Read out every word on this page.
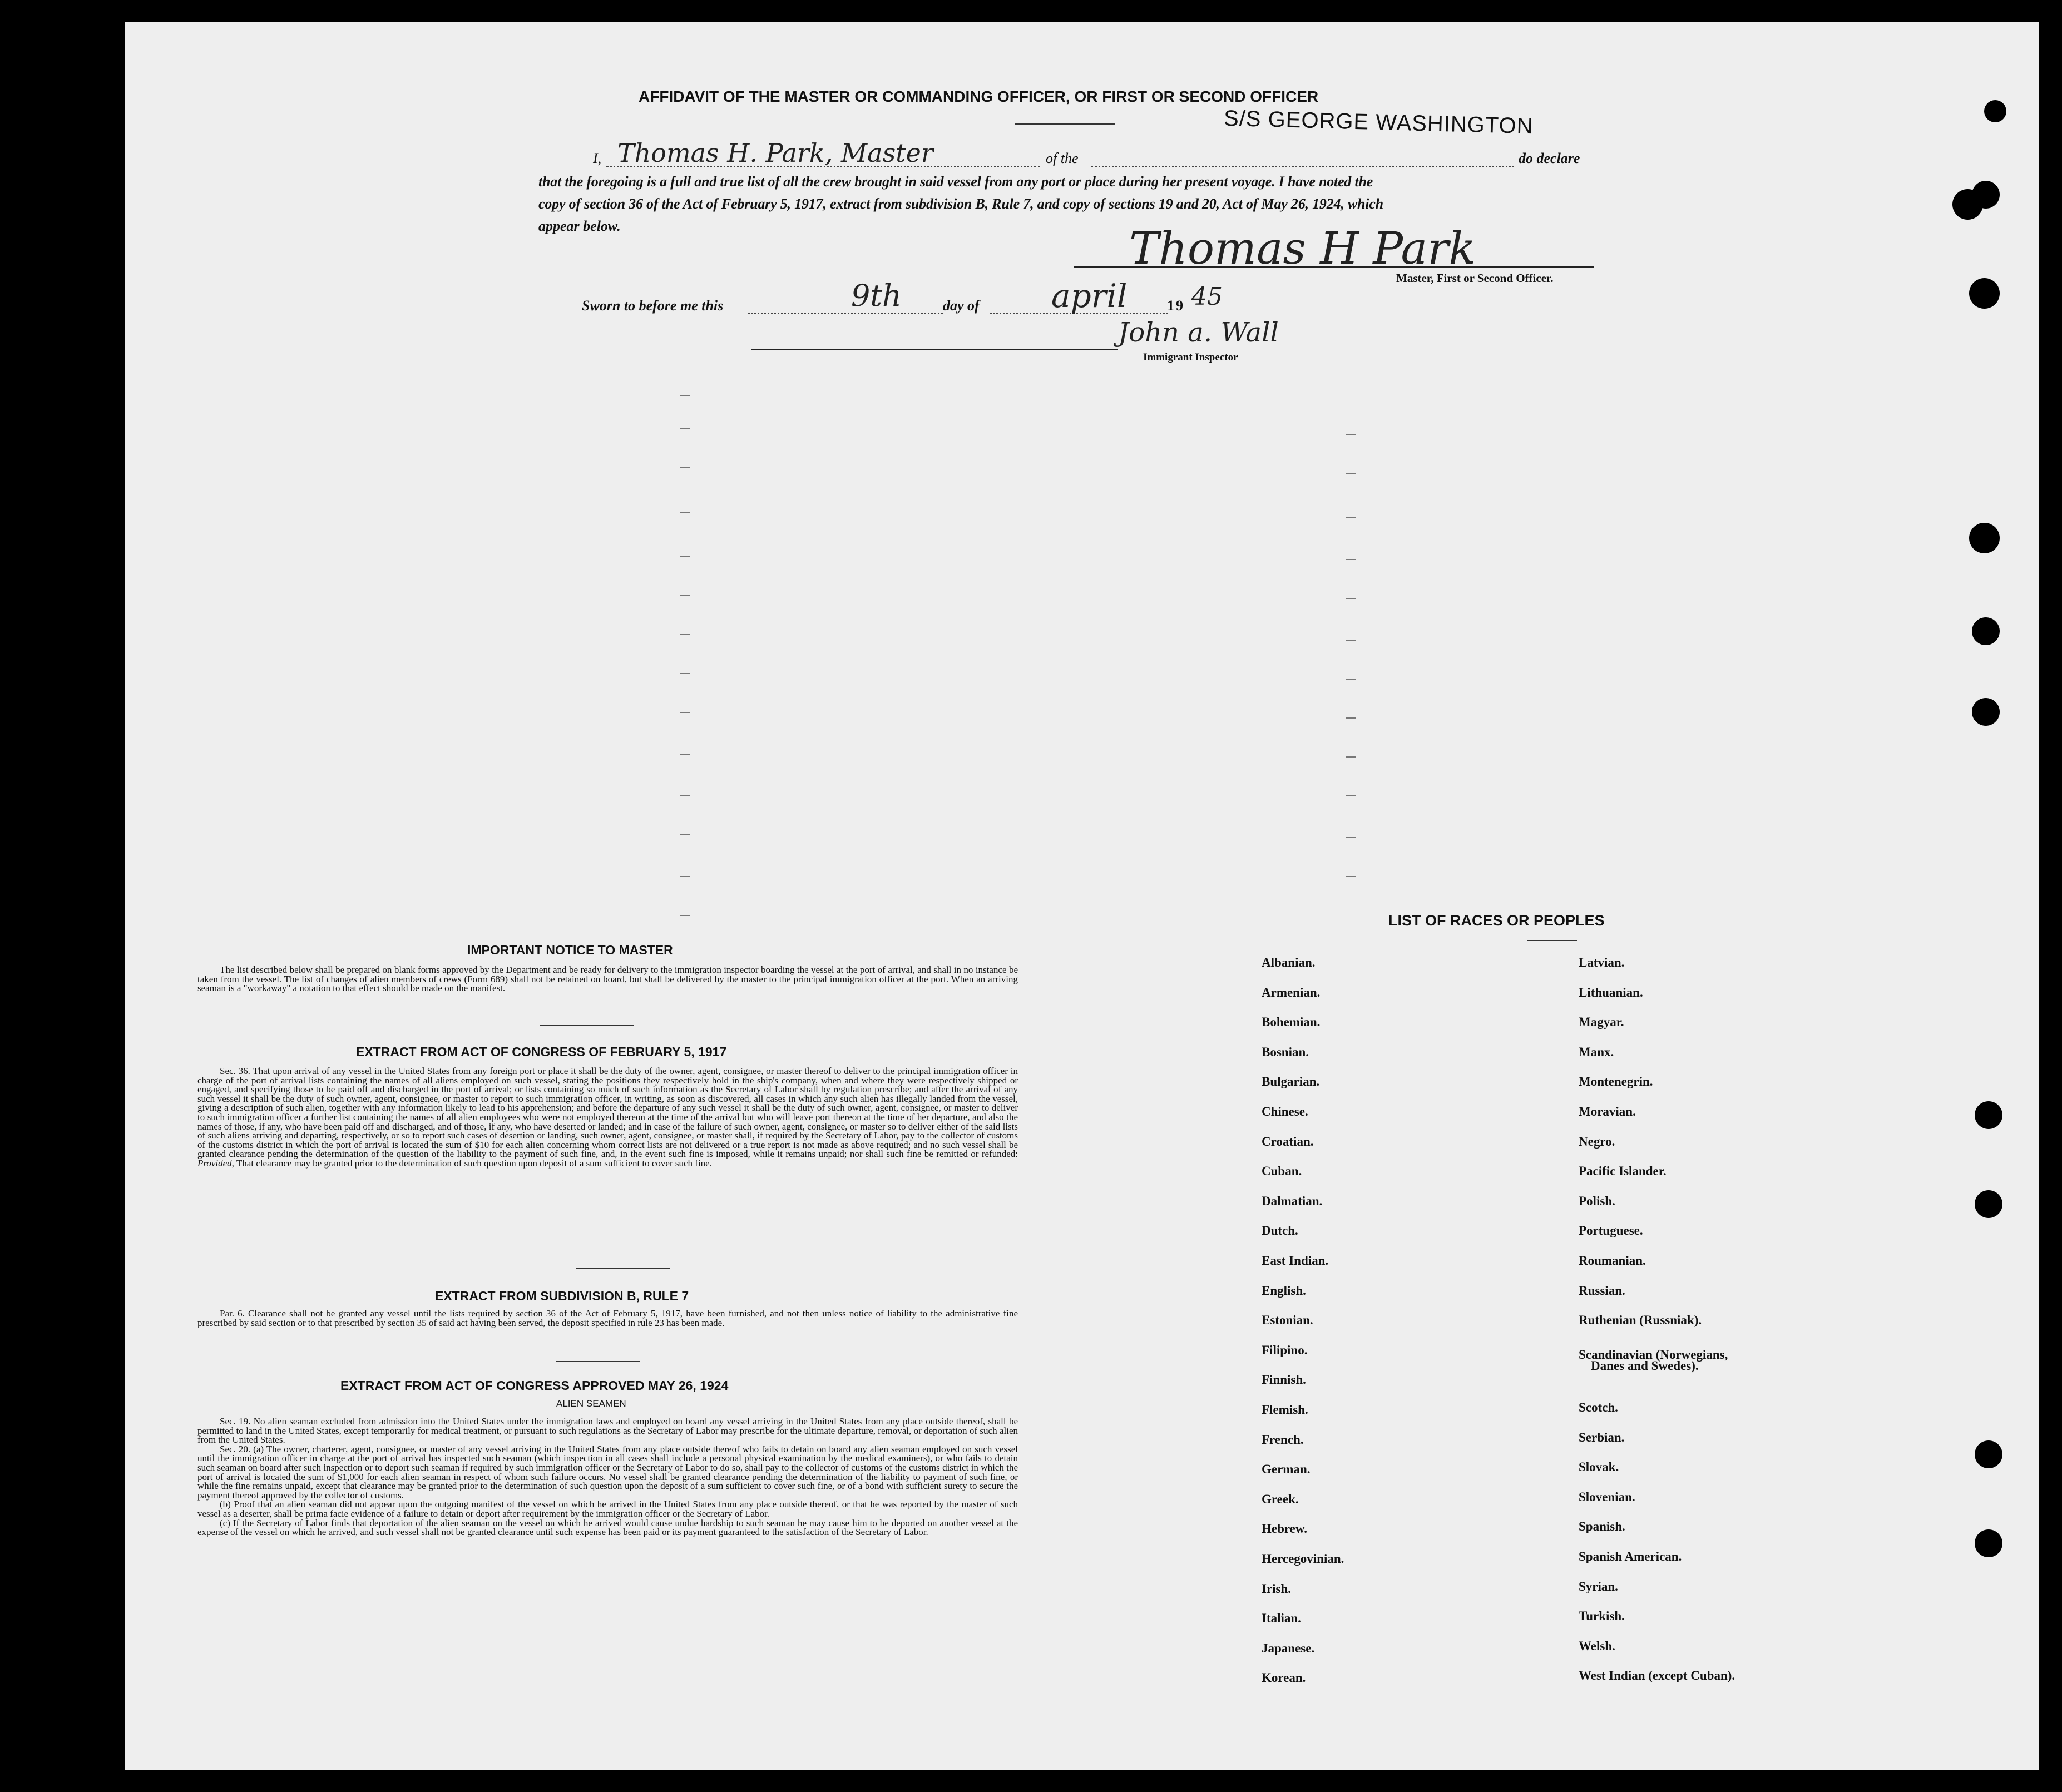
AFFIDAVIT OF THE MASTER OR COMMANDING OFFICER, OR FIRST OR SECOND OFFICER
S/S GEORGE WASHINGTON
I, Thomas H. Park, Master	of the	do declare
that the foregoing is a full and true list of all the crew brought in said vessel from any port or place during her present voyage. I have noted the
copy of section 36 of the Act of February 5, 1917, extract from subdivision B, Rule 7, and copy of sections 19 and 20, Act of May 26, 1924, which
appear below.	Thomas H Park
Master, First or Second Officer.
Sworn to before me this	9th	day of april	19 45
John a. Wall
Immigrant Inspector
IMPORTANT NOTICE TO MASTER
The list described below shall be prepared on blank forms approved by the Department and be ready for delivery to the immigration inspector boarding the vessel at the port of arrival, and shall in no instance be taken from the vessel. The list of changes of alien members of crews (Form 689) shall not be retained on board, but shall be delivered by the master to the principal immigration officer at the port. When an arriving seaman is a "workaway" a notation to that effect should be made on the manifest.
EXTRACT FROM ACT OF CONGRESS OF FEBRUARY 5, 1917
Sec. 36. That upon arrival of any vessel in the United States from any foreign port or place it shall be the duty of the owner, agent, consignee, or master thereof to deliver to the principal immigration officer in charge of the port of arrival lists containing the names of all aliens employed on such vessel, stating the positions they respectively hold in the ship's company, when and where they were respectively shipped or engaged, and specifying those to be paid off and discharged in the port of arrival; or lists containing so much of such information as the Secretary of Labor shall by regulation prescribe; and after the arrival of any such vessel it shall be the duty of such owner, agent, consignee, or master to report to such immigration officer, in writing, as soon as discovered, all cases in which any such alien has illegally landed from the vessel, giving a description of such alien, together with any information likely to lead to his apprehension; and before the departure of any such vessel it shall be the duty of such owner, agent, consignee, or master to deliver to such immigration officer a further list containing the names of all alien employees who were not employed thereon at the time of the arrival but who will leave port thereon at the time of her departure, and also the names of those, if any, who have been paid off and discharged, and of those, if any, who have deserted or landed; and in case of the failure of such owner, agent, consignee, or master so to deliver either of the said lists of such aliens arriving and departing, respectively, or so to report such cases of desertion or landing, such owner, agent, consignee, or master shall, if required by the Secretary of Labor, pay to the collector of customs of the customs district in which the port of arrival is located the sum of $10 for each alien concerning whom correct lists are not delivered or a true report is not made as above required; and no such vessel shall be granted clearance pending the determination of the question of the liability to the payment of such fine, and, in the event such fine is imposed, while it remains unpaid; nor shall such fine be remitted or refunded: Provided, That clearance may be granted prior to the determination of such question upon deposit of a sum sufficient to cover such fine.
EXTRACT FROM SUBDIVISION B, RULE 7
Par. 6. Clearance shall not be granted any vessel until the lists required by section 36 of the Act of February 5, 1917, have been furnished, and not then unless notice of liability to the administrative fine prescribed by said section or to that prescribed by section 35 of said act having been served, the deposit specified in rule 23 has been made.
EXTRACT FROM ACT OF CONGRESS APPROVED MAY 26, 1924
ALIEN SEAMEN
Sec. 19. No alien seaman excluded from admission into the United States under the immigration laws and employed on board any vessel arriving in the United States from any place outside thereof, shall be permitted to land in the United States, except temporarily for medical treatment, or pursuant to such regulations as the Secretary of Labor may prescribe for the ultimate departure, removal, or deportation of such alien from the United States.
Sec. 20. (a) The owner, charterer, agent, consignee, or master of any vessel arriving in the United States from any place outside thereof who fails to detain on board any alien seaman employed on such vessel until the immigration officer in charge at the port of arrival has inspected such seaman (which inspection in all cases shall include a personal physical examination by the medical examiners), or who fails to detain such seaman on board after such inspection or to deport such seaman if required by such immigration officer or the Secretary of Labor to do so, shall pay to the collector of customs of the customs district in which the port of arrival is located the sum of $1,000 for each alien seaman in respect of whom such failure occurs. No vessel shall be granted clearance pending the determination of the liability to payment of such fine, or while the fine remains unpaid, except that clearance may be granted prior to the determination of such question upon the deposit of a sum sufficient to cover such fine, or of a bond with sufficient surety to secure the payment thereof approved by the collector of customs.
(b) Proof that an alien seaman did not appear upon the outgoing manifest of the vessel on which he arrived in the United States from any place outside thereof, or that he was reported by the master of such vessel as a deserter, shall be prima facie evidence of a failure to detain or deport after requirement by the immigration officer or the Secretary of Labor.
(c) If the Secretary of Labor finds that deportation of the alien seaman on the vessel on which he arrived would cause undue hardship to such seaman he may cause him to be deported on another vessel at the expense of the vessel on which he arrived, and such vessel shall not be granted clearance until such expense has been paid or its payment guaranteed to the satisfaction of the Secretary of Labor.
LIST OF RACES OR PEOPLES
Albanian.
Armenian.
Bohemian.
Bosnian.
Bulgarian.
Chinese.
Croatian.
Cuban.
Dalmatian.
Dutch.
East Indian.
English.
Estonian.
Filipino.
Finnish.
Flemish.
French.
German.
Greek.
Hebrew.
Hercegovinian.
Irish.
Italian.
Japanese.
Korean.
Latvian.
Lithuanian.
Magyar.
Manx.
Montenegrin.
Moravian.
Negro.
Pacific Islander.
Polish.
Portuguese.
Roumanian.
Russian.
Ruthenian (Russniak).
Scandinavian (Norwegians,
Scotch.
Serbian.
Slovak.
Slovenian.
Spanish.
Spanish American.
Syrian.
Turkish.
Welsh.
West Indian (except Cuban).
Danes and Swedes).
